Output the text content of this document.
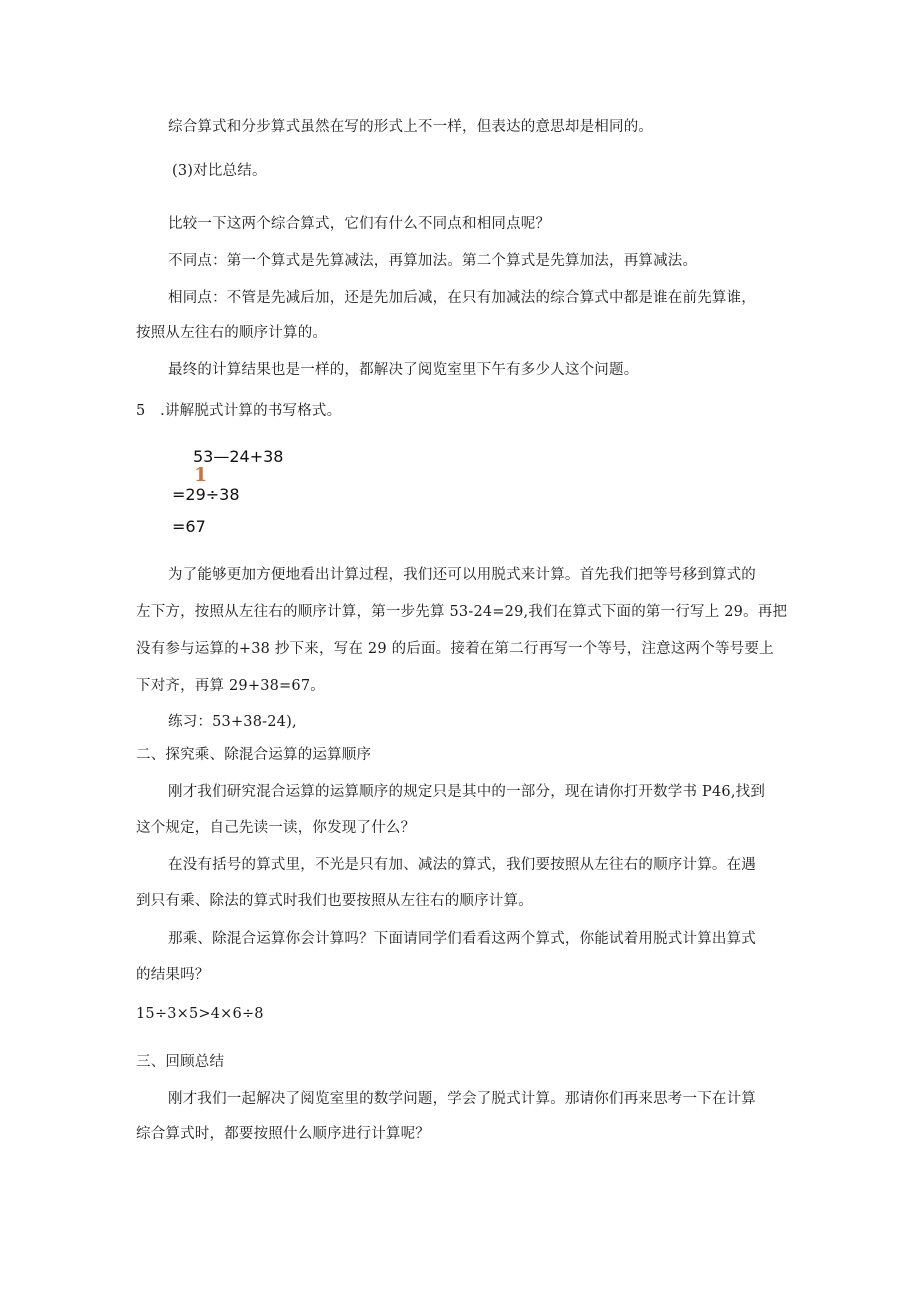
综合算式和分步算式虽然在写的形式上不一样，但表达的意思却是相同的。
(3)对比总结。
比较一下这两个综合算式，它们有什么不同点和相同点呢？
不同点：第一个算式是先算减法，再算加法。第二个算式是先算加法，再算减法。
相同点：不管是先减后加，还是先加后减，在只有加减法的综合算式中都是谁在前先算谁，
按照从左往右的顺序计算的。
最终的计算结果也是一样的，都解决了阅览室里下午有多少人这个问题。
5　.讲解脱式计算的书写格式。
53—24+38
1
=29÷38
=67
为了能够更加方便地看出计算过程，我们还可以用脱式来计算。首先我们把等号移到算式的
左下方，按照从左往右的顺序计算，第一步先算 53-24=29,我们在算式下面的第一行写上 29。再把
没有参与运算的+38 抄下来，写在 29 的后面。接着在第二行再写一个等号，注意这两个等号要上
下对齐，再算 29+38=67。
练习：53+38-24),
二、探究乘、除混合运算的运算顺序
刚才我们研究混合运算的运算顺序的规定只是其中的一部分，现在请你打开数学书 P46,找到
这个规定，自己先读一读，你发现了什么？
在没有括号的算式里，不光是只有加、减法的算式，我们要按照从左往右的顺序计算。在遇
到只有乘、除法的算式时我们也要按照从左往右的顺序计算。
那乘、除混合运算你会计算吗？下面请同学们看看这两个算式，你能试着用脱式计算出算式
的结果吗？
15÷3×5>4×6÷8
三、回顾总结
刚才我们一起解决了阅览室里的数学问题，学会了脱式计算。那请你们再来思考一下在计算
综合算式时，都要按照什么顺序进行计算呢？
